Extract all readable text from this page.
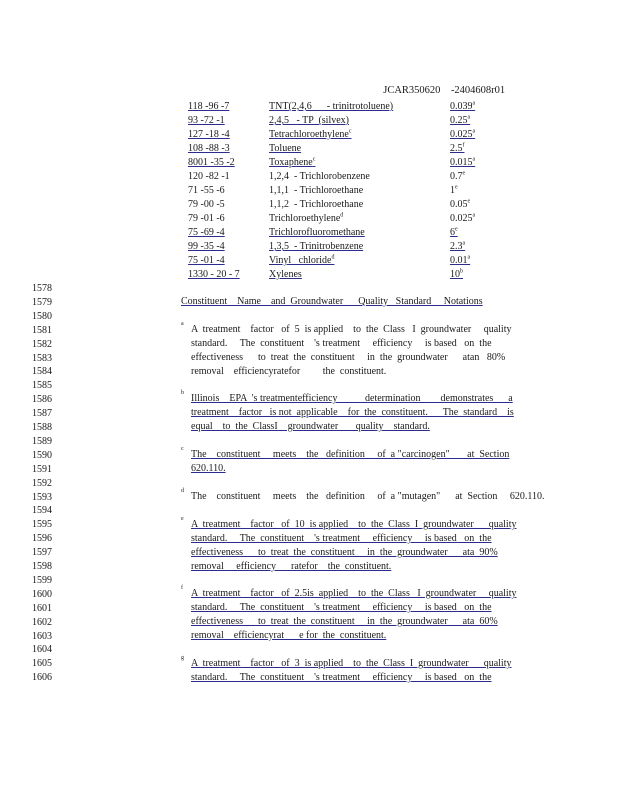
JCAR350620 -2404608r01

118 -96 -7	TNT(2,4,6      - trinitrotoluene)	0.039$^a$
93 -72 -1	2,4,5   - TP  (silvex)	0.25$^a$
127 -18 -4	Tetrachloroethylene$^c$	0.025$^a$
108 -88 -3	Toluene	2.5$^f$
8001 -35 -2	Toxaphene$^c$	0.015$^a$
120 -82 -1	1,2,4  - Trichlorobenzene	0.7e
71 -55 -6	1,1,1  - Trichloroethane	1e
79 -00 -5	1,1,2  - Trichloroethane	0.05e
79 -01 -6	Trichloroethylene$^d$	0.025$^a$
75 -69 -4	Trichlorofluoromethane	6e
99 -35 -4	1,3,5  - Trinitrobenzene	2.3$^a$
75 -01 -4	Vinyl   chloride$^d$	0.01$^a$
1330 - 20 - 7	Xylenes	10$^b$
1578
1579
1580
1581
1582
1583
1584
1585
1586
1587
1588
1589
1590
1591
1592
1593
1594
1595
1596
1597
1598
1599
1600
1601
1602
1603
1604
1605
1606
Constituent    Name    and  Groundwater      Quality   Standard     Notations
a A  treatment    factor   of  5  is applied    to  the  Class   I  groundwater     quality
standard.     The  constituent    's treatment     efficiency     is based   on  the
effectiveness      to  treat  the  constituent     in  the  groundwater      atan   80%
removal    efficiencyratefor         the  constituent.
b Illinois    EPA  's treatmentefficiency           determination        demonstrates      a
treatment    factor   is not  applicable    for  the  constituent.      The  standard    is
equal    to  the  ClassI    groundwater       quality    standard.
c The    constituent     meets    the   definition     of  a "carcinogen"       at  Section
620.110.
d The    constituent     meets    the   definition     of  a "mutagen"      at  Section     620.110.
e A  treatment    factor   of  10  is applied    to  the  Class  I  groundwater      quality
standard.     The  constituent    's treatment     efficiency     is based   on  the
effectiveness      to  treat  the  constituent     in  the  groundwater      ata  90%
removal     efficiency      ratefor    the  constituent.
f A  treatment    factor   of  2.5is  applied    to  the  Class   I  groundwater     quality
standard.     The  constituent    's treatment     efficiency     is based   on  the
effectiveness      to  treat  the  constituent     in  the  groundwater      ata  60%
removal    efficiencyrat      e for  the  constituent.
g A  treatment    factor   of  3  is applied    to  the  Class  I  groundwater      quality
standard.     The  constituent    's treatment     efficiency     is based   on  the
